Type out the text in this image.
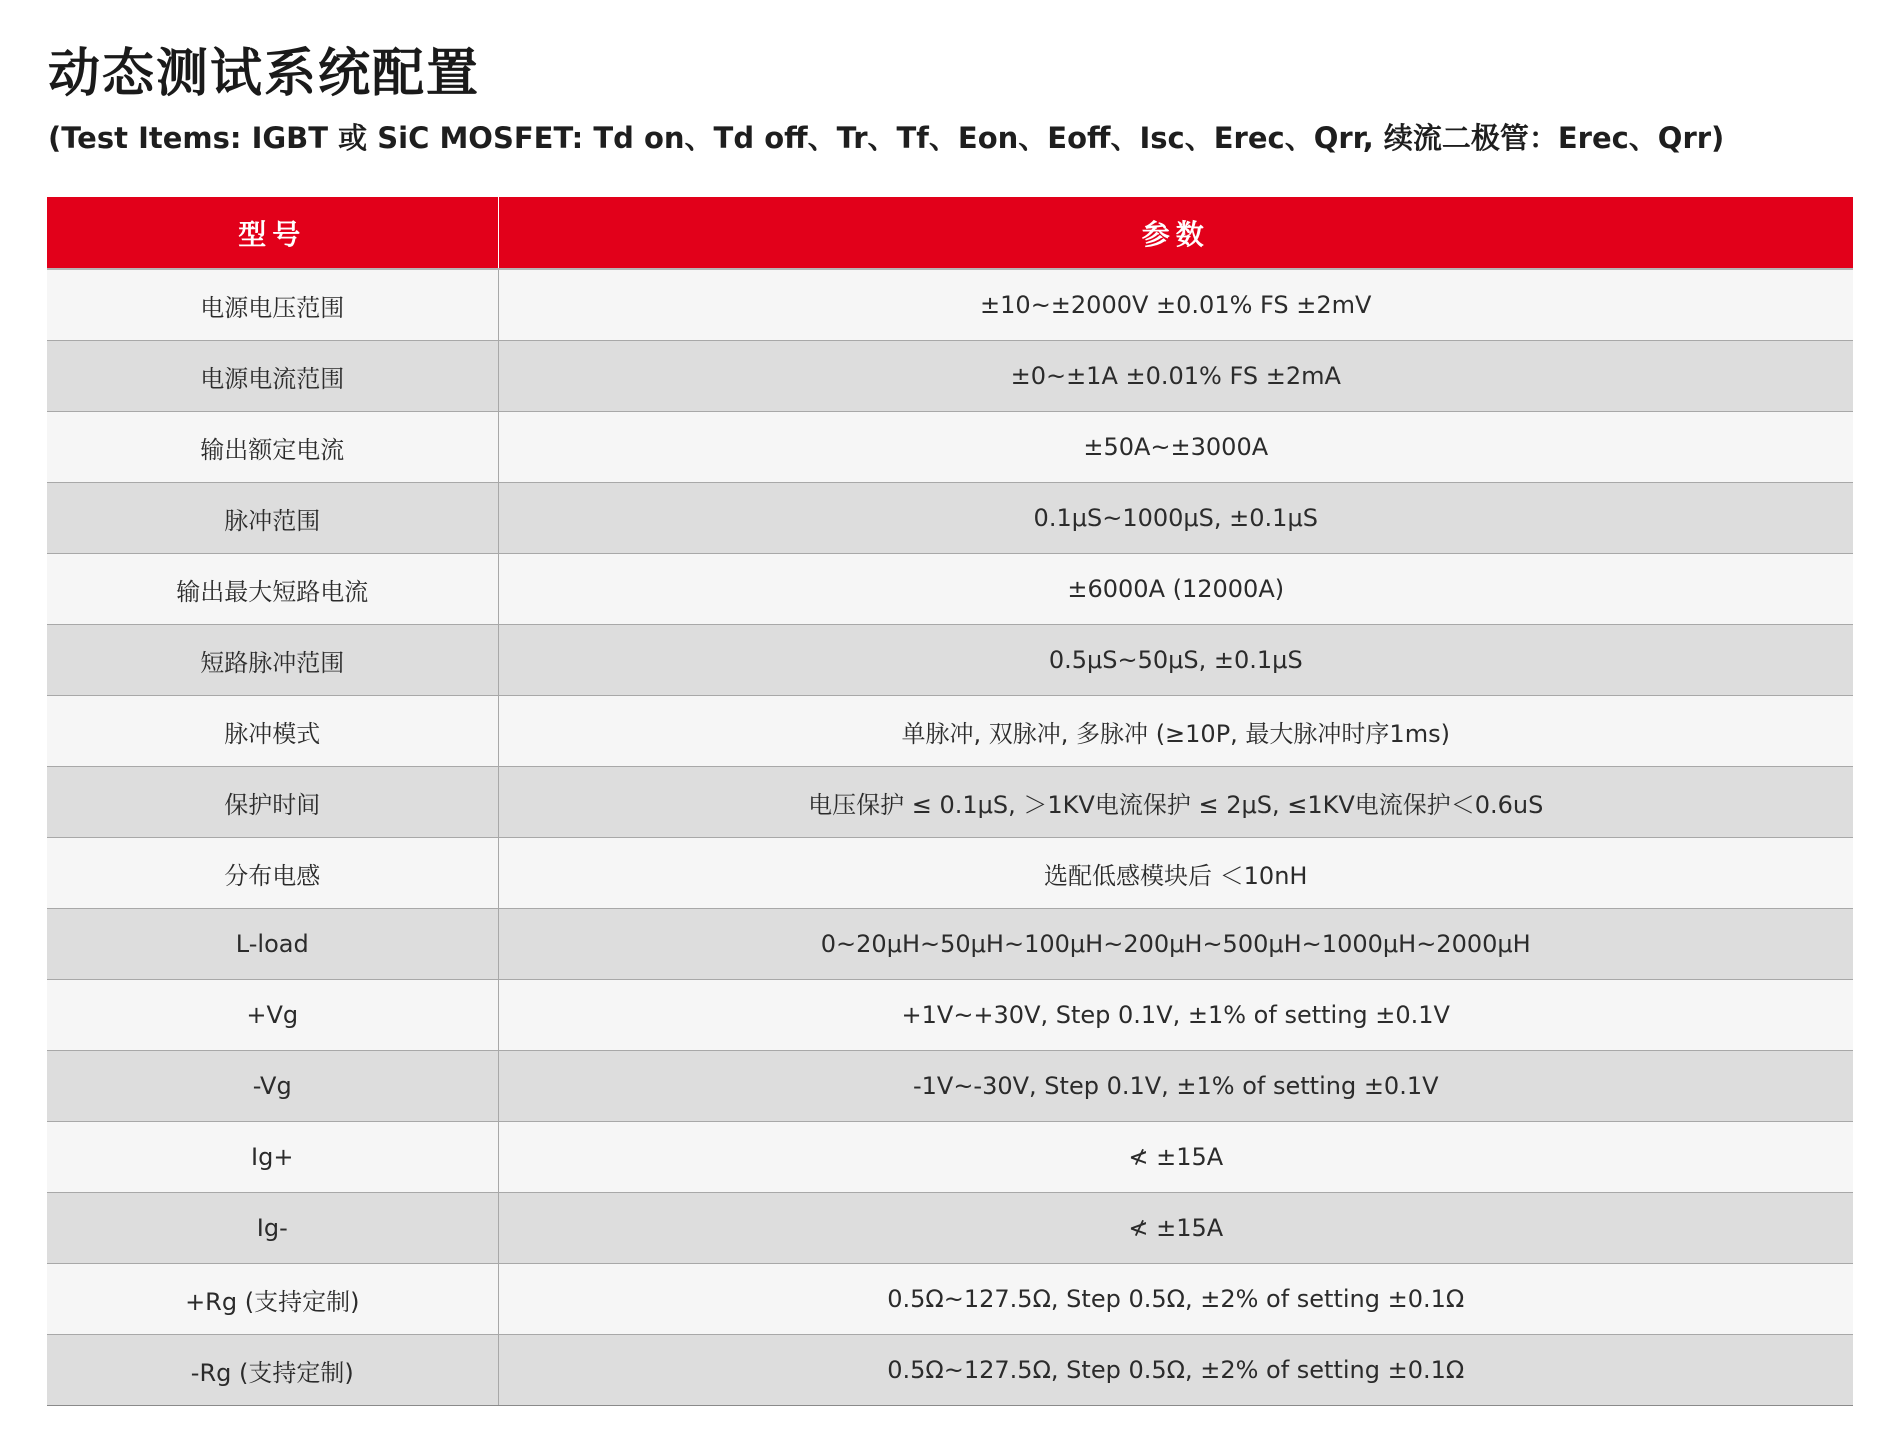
动态测试系统配置

(Test Items: IGBT 或 SiC MOSFET: Td on、Td off、Tr、Tf、Eon、Eoff、Isc、Erec、Qrr, 续流二极管：Erec、Qrr)

型号	参数
电源电压范围	±10~±2000V ±0.01% FS ±2mV
电源电流范围	±0~±1A ±0.01% FS ±2mA
输出额定电流	±50A~±3000A
脉冲范围	0.1μS~1000μS, ±0.1μS
输出最大短路电流	±6000A (12000A)
短路脉冲范围	0.5μS~50μS, ±0.1μS
脉冲模式	单脉冲, 双脉冲, 多脉冲 (≥10P, 最大脉冲时序1ms)
保护时间	电压保护 ≤ 0.1μS, ＞1KV电流保护 ≤ 2μS, ≤1KV电流保护＜0.6uS
分布电感	选配低感模块后 ＜10nH
L-load	0~20μH~50μH~100μH~200μH~500μH~1000μH~2000μH
+Vg	+1V~+30V, Step 0.1V, ±1% of setting ±0.1V
-Vg	-1V~-30V, Step 0.1V, ±1% of setting ±0.1V
Ig+	≮ ±15A
Ig-	≮ ±15A
+Rg (支持定制)	0.5Ω~127.5Ω, Step 0.5Ω, ±2% of setting ±0.1Ω
-Rg (支持定制)	0.5Ω~127.5Ω, Step 0.5Ω, ±2% of setting ±0.1Ω
